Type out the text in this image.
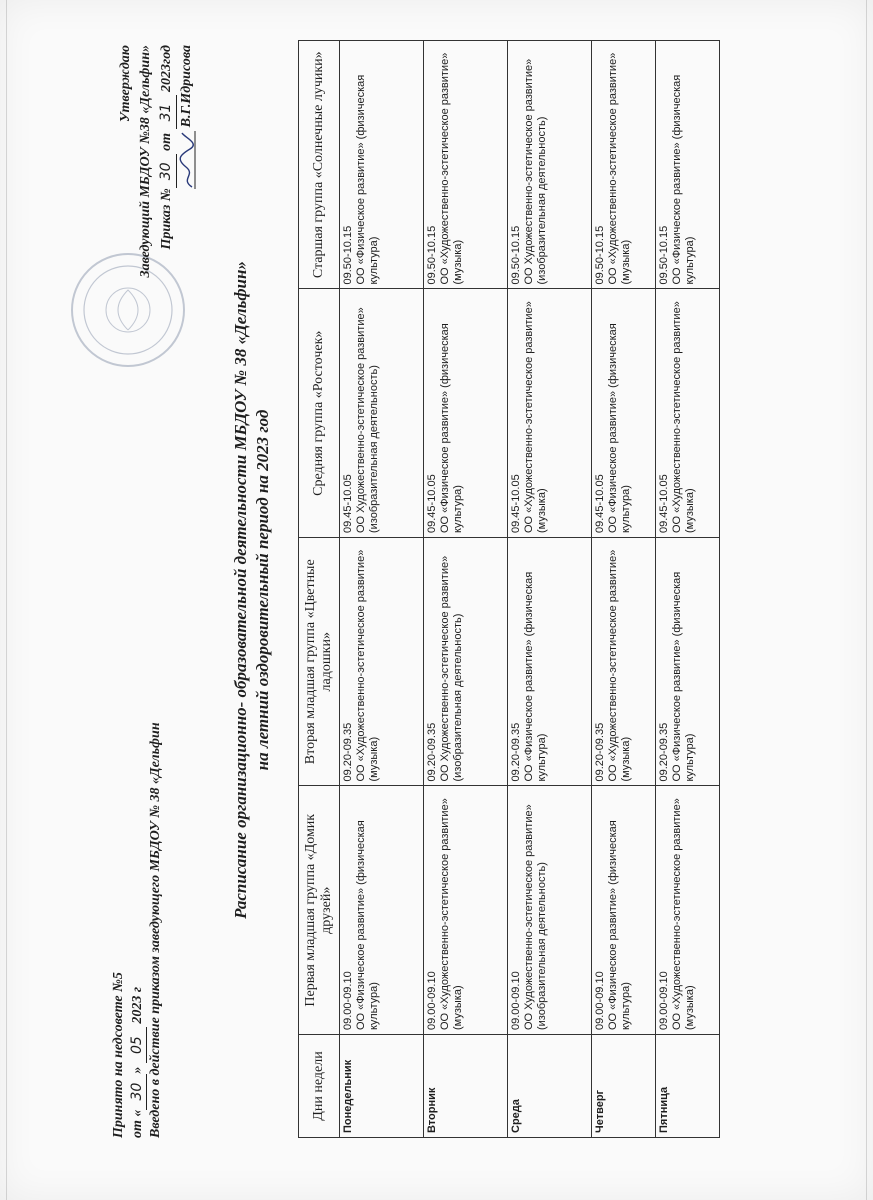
Принято на недсовете №5 от «30» 05 2023 г Введено в действие приказом заведующего МБДОУ № 38 «Дельфин
Утверждаю Заведующий МБДОУ №38 «Дельфин» Приказ №30 от 31 2023год В.Г.Идрисова
Расписание организационно- образовательной деятельности МБДОУ № 38 «Дельфин» на летний оздоровительный период на 2023 год
Дни недели	Первая младшая группа «Домик друзей»	Вторая младшая группа «Цветные ладошки»	Средняя группа «Росточек»	Старшая группа «Солнечные лучики»
Понедельник	09.00-09.10 ОО «Физическое развитие» (физическая культура)	09.20-09.35 ОО «Художественно-эстетическое развитие» (музыка)	09.45-10.05 ОО Художественно-эстетическое развитие» (изобразительная деятельность)	09.50-10.15 ОО «Физическое развитие» (физическая культура)

Вторник	09.00-09.10 ОО «Художественно-эстетическое развитие» (музыка)	09.20-09.35 ОО Художественно-эстетическое развитие» (изобразительная деятельность)	09.45-10.05 ОО «Физическое развитие» (физическая культура)	09.50-10.15 ОО «Художественно-эстетическое развитие» (музыка)

Среда	09.00-09.10 ОО Художественно-эстетическое развитие» (изобразительная деятельность)	09.20-09.35 ОО «Физическое развитие» (физическая культура)	09.45-10.05 ОО «Художественно-эстетическое развитие» (музыка)	09.50-10.15 ОО Художественно-эстетическое развитие» (изобразительная деятельность)

Четверг	09.00-09.10 ОО «Физическое развитие» (физическая культура)	09.20-09.35 ОО «Художественно-эстетическое развитие» (музыка)	09.45-10.05 ОО «Физическое развитие» (физическая культура)	09.50-10.15 ОО «Художественно-эстетическое развитие» (музыка)

Пятница	09.00-09.10 ОО «Художественно-эстетическое развитие» (музыка)	09.20-09.35 ОО «Физическое развитие» (физическая культура)	09.45-10.05 ОО «Художественно-эстетическое развитие» (музыка)	09.50-10.15 ОО «Физическое развитие» (физическая культура)
